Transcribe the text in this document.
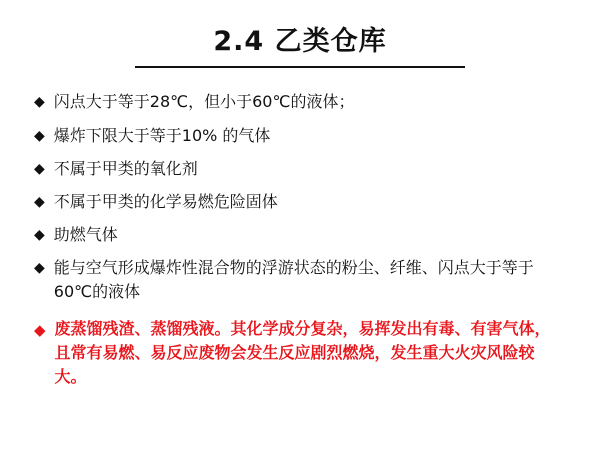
2.4 乙类仓库
◆ 闪点大于等于28℃，但小于60℃的液体；
◆ 爆炸下限大于等于10% 的气体
◆ 不属于甲类的氧化剂
◆ 不属于甲类的化学易燃危险固体
◆ 助燃气体
◆ 能与空气形成爆炸性混合物的浮游状态的粉尘、纤维、闪点大于等于60℃的液体
◆ 废蒸馏残渣、蒸馏残液。其化学成分复杂，易挥发出有毒、有害气体，且常有易燃、易反应废物会发生反应剧烈燃烧，发生重大火灾风险较大。
